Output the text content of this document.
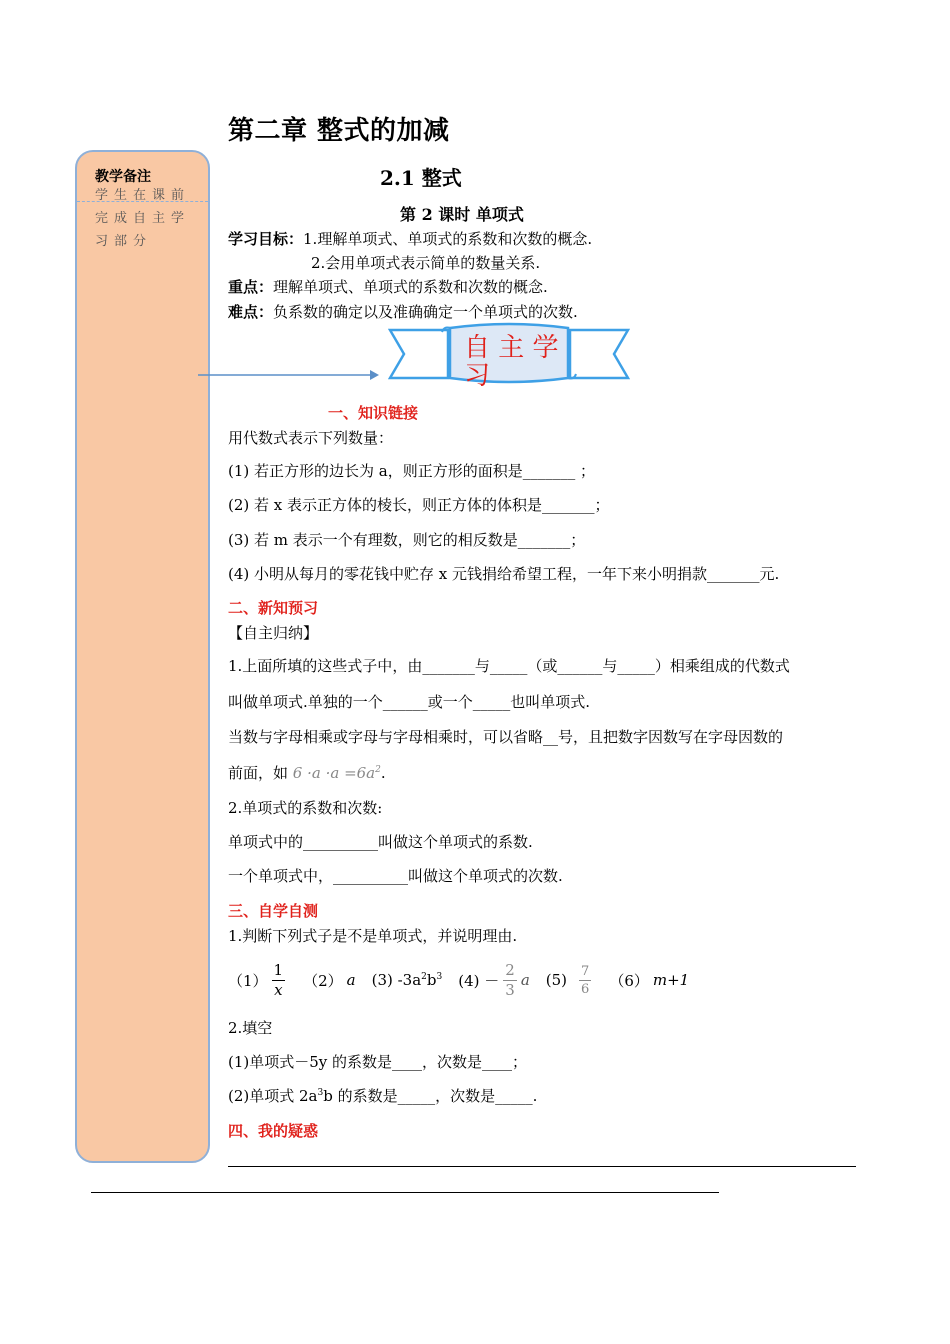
第二章 整式的加减
教学备注
学生在课前完成自主学习部分
2.1 整式
第 2 课时 单项式
学习目标：1.理解单项式、单项式的系数和次数的概念.
2.会用单项式表示简单的数量关系.
重点：理解单项式、单项式的系数和次数的概念.
难点：负系数的确定以及准确确定一个单项式的次数.
自 主 学 习
一、知识链接
用代数式表示下列数量：
(1) 若正方形的边长为 a，则正方形的面积是_______ ；
(2) 若 x 表示正方体的棱长，则正方体的体积是_______；
(3) 若 m 表示一个有理数，则它的相反数是_______；
(4) 小明从每月的零花钱中贮存 x 元钱捐给希望工程，一年下来小明捐款_______元.
二、新知预习
【自主归纳】
1.上面所填的这些式子中，由_______与_____（或______与_____）相乘组成的代数式
叫做单项式.单独的一个______或一个_____也叫单项式.
当数与字母相乘或字母与字母相乘时，可以省略__号，且把数字因数写在字母因数的
前面，如 $6 \cdot a \cdot a =6a^2$.
2.单项式的系数和次数:
单项式中的__________叫做这个单项式的系数.
一个单项式中，__________叫做这个单项式的次数.
三、自学自测
1.判断下列式子是不是单项式，并说明理由.
$(1) \frac{1}{x} (2)$ a (3) $-3a^2b^3$ $(4) - \frac{2}{3}$ a $(5) \frac{7}{6} (6)$ m+1
2.填空
(1)单项式－5y 的系数是____，次数是____；
(2)单项式 $2a^3b$ 的系数是_____，次数是_____.
四、我的疑惑
